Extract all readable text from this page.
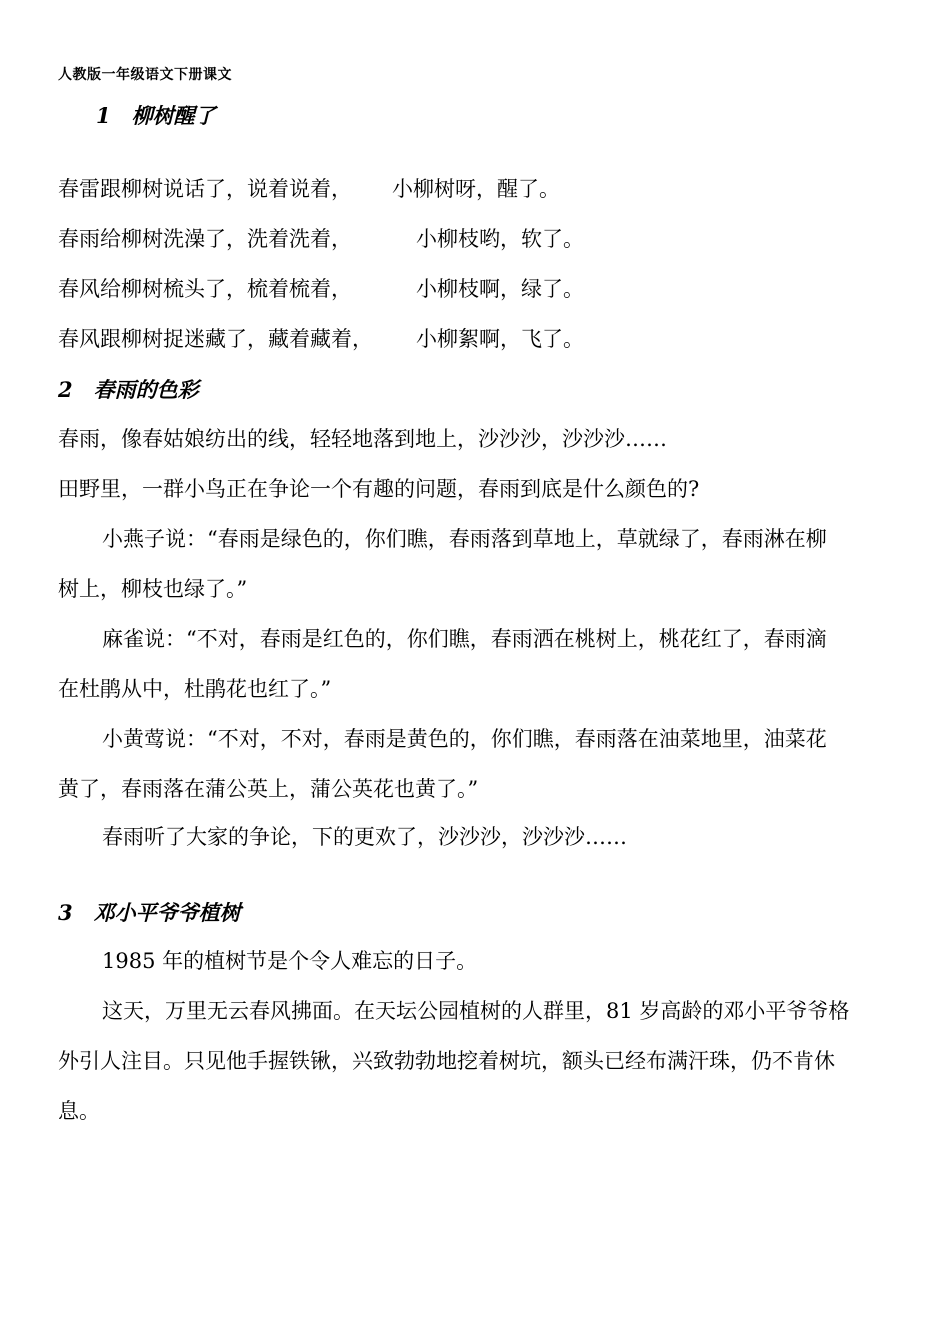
人教版一年级语文下册课文
1　柳树醒了
春雷跟柳树说话了，说着说着， 小柳树呀，醒了。
春雨给柳树洗澡了，洗着洗着，	小柳枝哟，软了。
春风给柳树梳头了，梳着梳着，	小柳枝啊，绿了。
春风跟柳树捉迷藏了，藏着藏着， 小柳絮啊，飞了。
2　春雨的色彩
春雨，像春姑娘纺出的线，轻轻地落到地上，沙沙沙，沙沙沙……
田野里，一群小鸟正在争论一个有趣的问题，春雨到底是什么颜色的?
小燕子说：“春雨是绿色的，你们瞧，春雨落到草地上，草就绿了，春雨淋在柳
树上，柳枝也绿了。”
麻雀说：“不对，春雨是红色的，你们瞧，春雨洒在桃树上，桃花红了，春雨滴
在杜鹃从中，杜鹃花也红了。”
小黄莺说：“不对，不对，春雨是黄色的，你们瞧，春雨落在油菜地里，油菜花
黄了，春雨落在蒲公英上，蒲公英花也黄了。”
春雨听了大家的争论，下的更欢了，沙沙沙，沙沙沙……
3　邓小平爷爷植树
1985 年的植树节是个令人难忘的日子。
这天，万里无云春风拂面。在天坛公园植树的人群里，81 岁高龄的邓小平爷爷格
外引人注目。只见他手握铁锹，兴致勃勃地挖着树坑，额头已经布满汗珠，仍不肯休
息。
